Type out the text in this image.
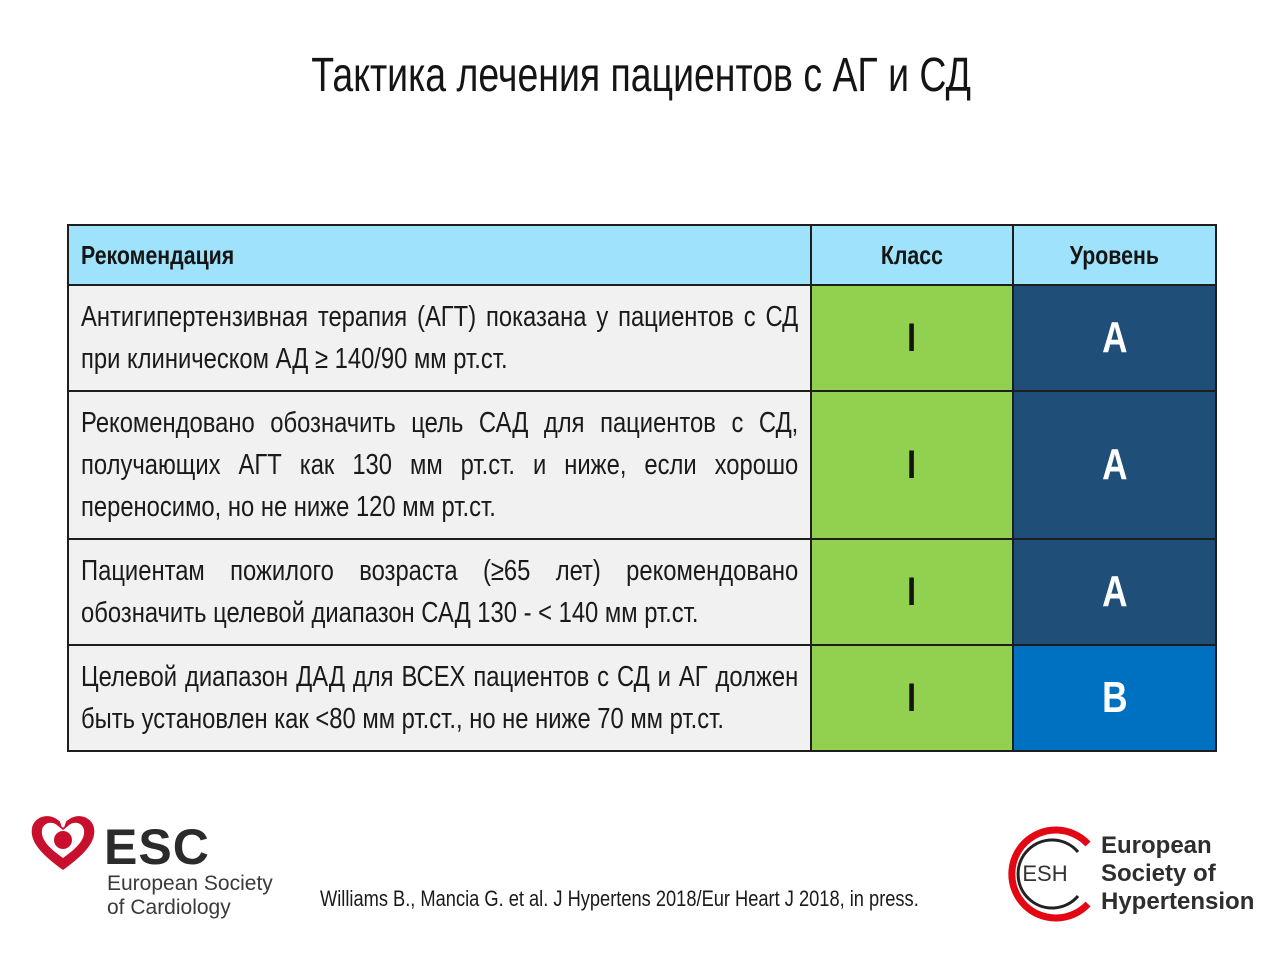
Тактика лечения пациентов с АГ и СД
Рекомендация	Класс	Уровень

Антигипертензивная терапия (АГТ) показана у пациентов с СД при клиническом АД ≥ 140/90 мм рт.ст.	I	A

Рекомендовано обозначить цель САД для пациентов с СД, получающих АГТ как 130 мм рт.ст. и ниже, если хорошо переносимо, но не ниже 120 мм рт.ст.	I	A

Пациентам пожилого возраста (≥65 лет) рекомендовано обозначить целевой диапазон САД 130 - < 140 мм рт.ст.	I	A

Целевой диапазон ДАД для ВСЕХ пациентов с СД и АГ должен быть установлен как <80 мм рт.ст., но не ниже 70 мм рт.ст.	I	B
ESC
European Society
of Cardiology	Williams B., Mancia G. et al. J Hypertens 2018/Eur Heart J 2018, in press.
ESH
European
Society of
Hypertension
